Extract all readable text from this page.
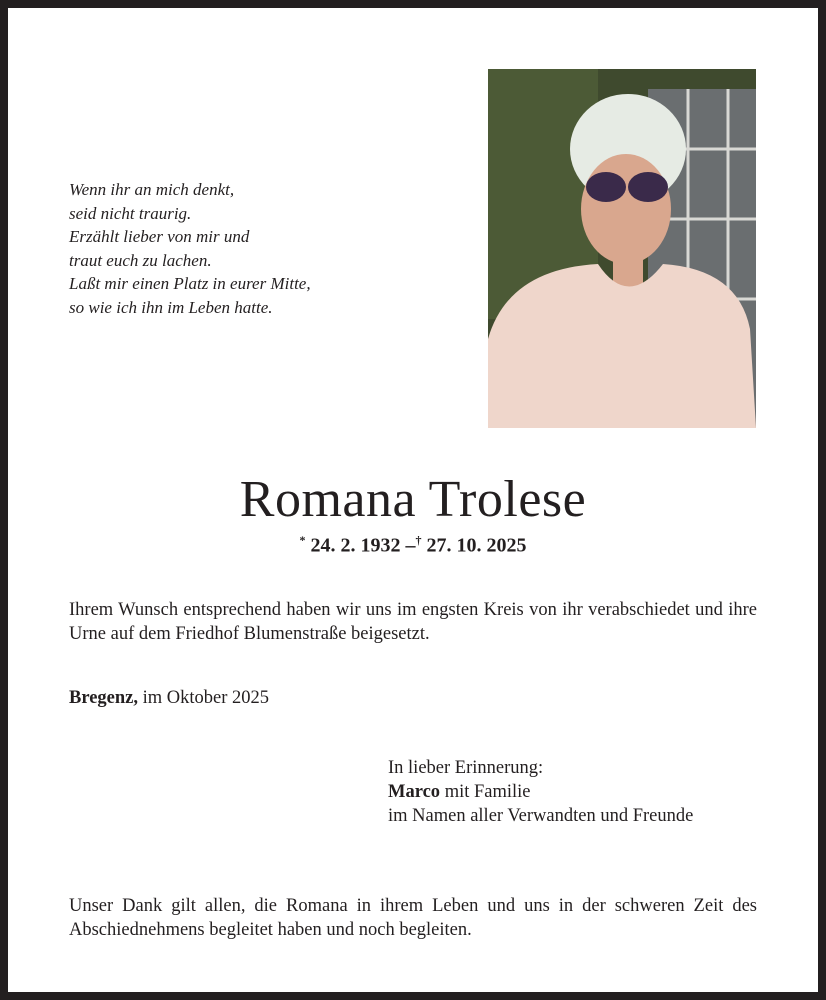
Wenn ihr an mich denkt,
seid nicht traurig.
Erzählt lieber von mir und
traut euch zu lachen.
Laßt mir einen Platz in eurer Mitte,
so wie ich ihn im Leben hatte.
Romana Trolese
* 24. 2. 1932 –† 27. 10. 2025
Ihrem Wunsch entsprechend haben wir uns im engsten Kreis von ihr verabschiedet und ihre Urne auf dem Friedhof Blumenstraße beigesetzt.
Bregenz, im Oktober 2025
In lieber Erinnerung:
Marco mit Familie
im Namen aller Verwandten und Freunde
Unser Dank gilt allen, die Romana in ihrem Leben und uns in der schweren Zeit des Abschiednehmens begleitet haben und noch begleiten.
